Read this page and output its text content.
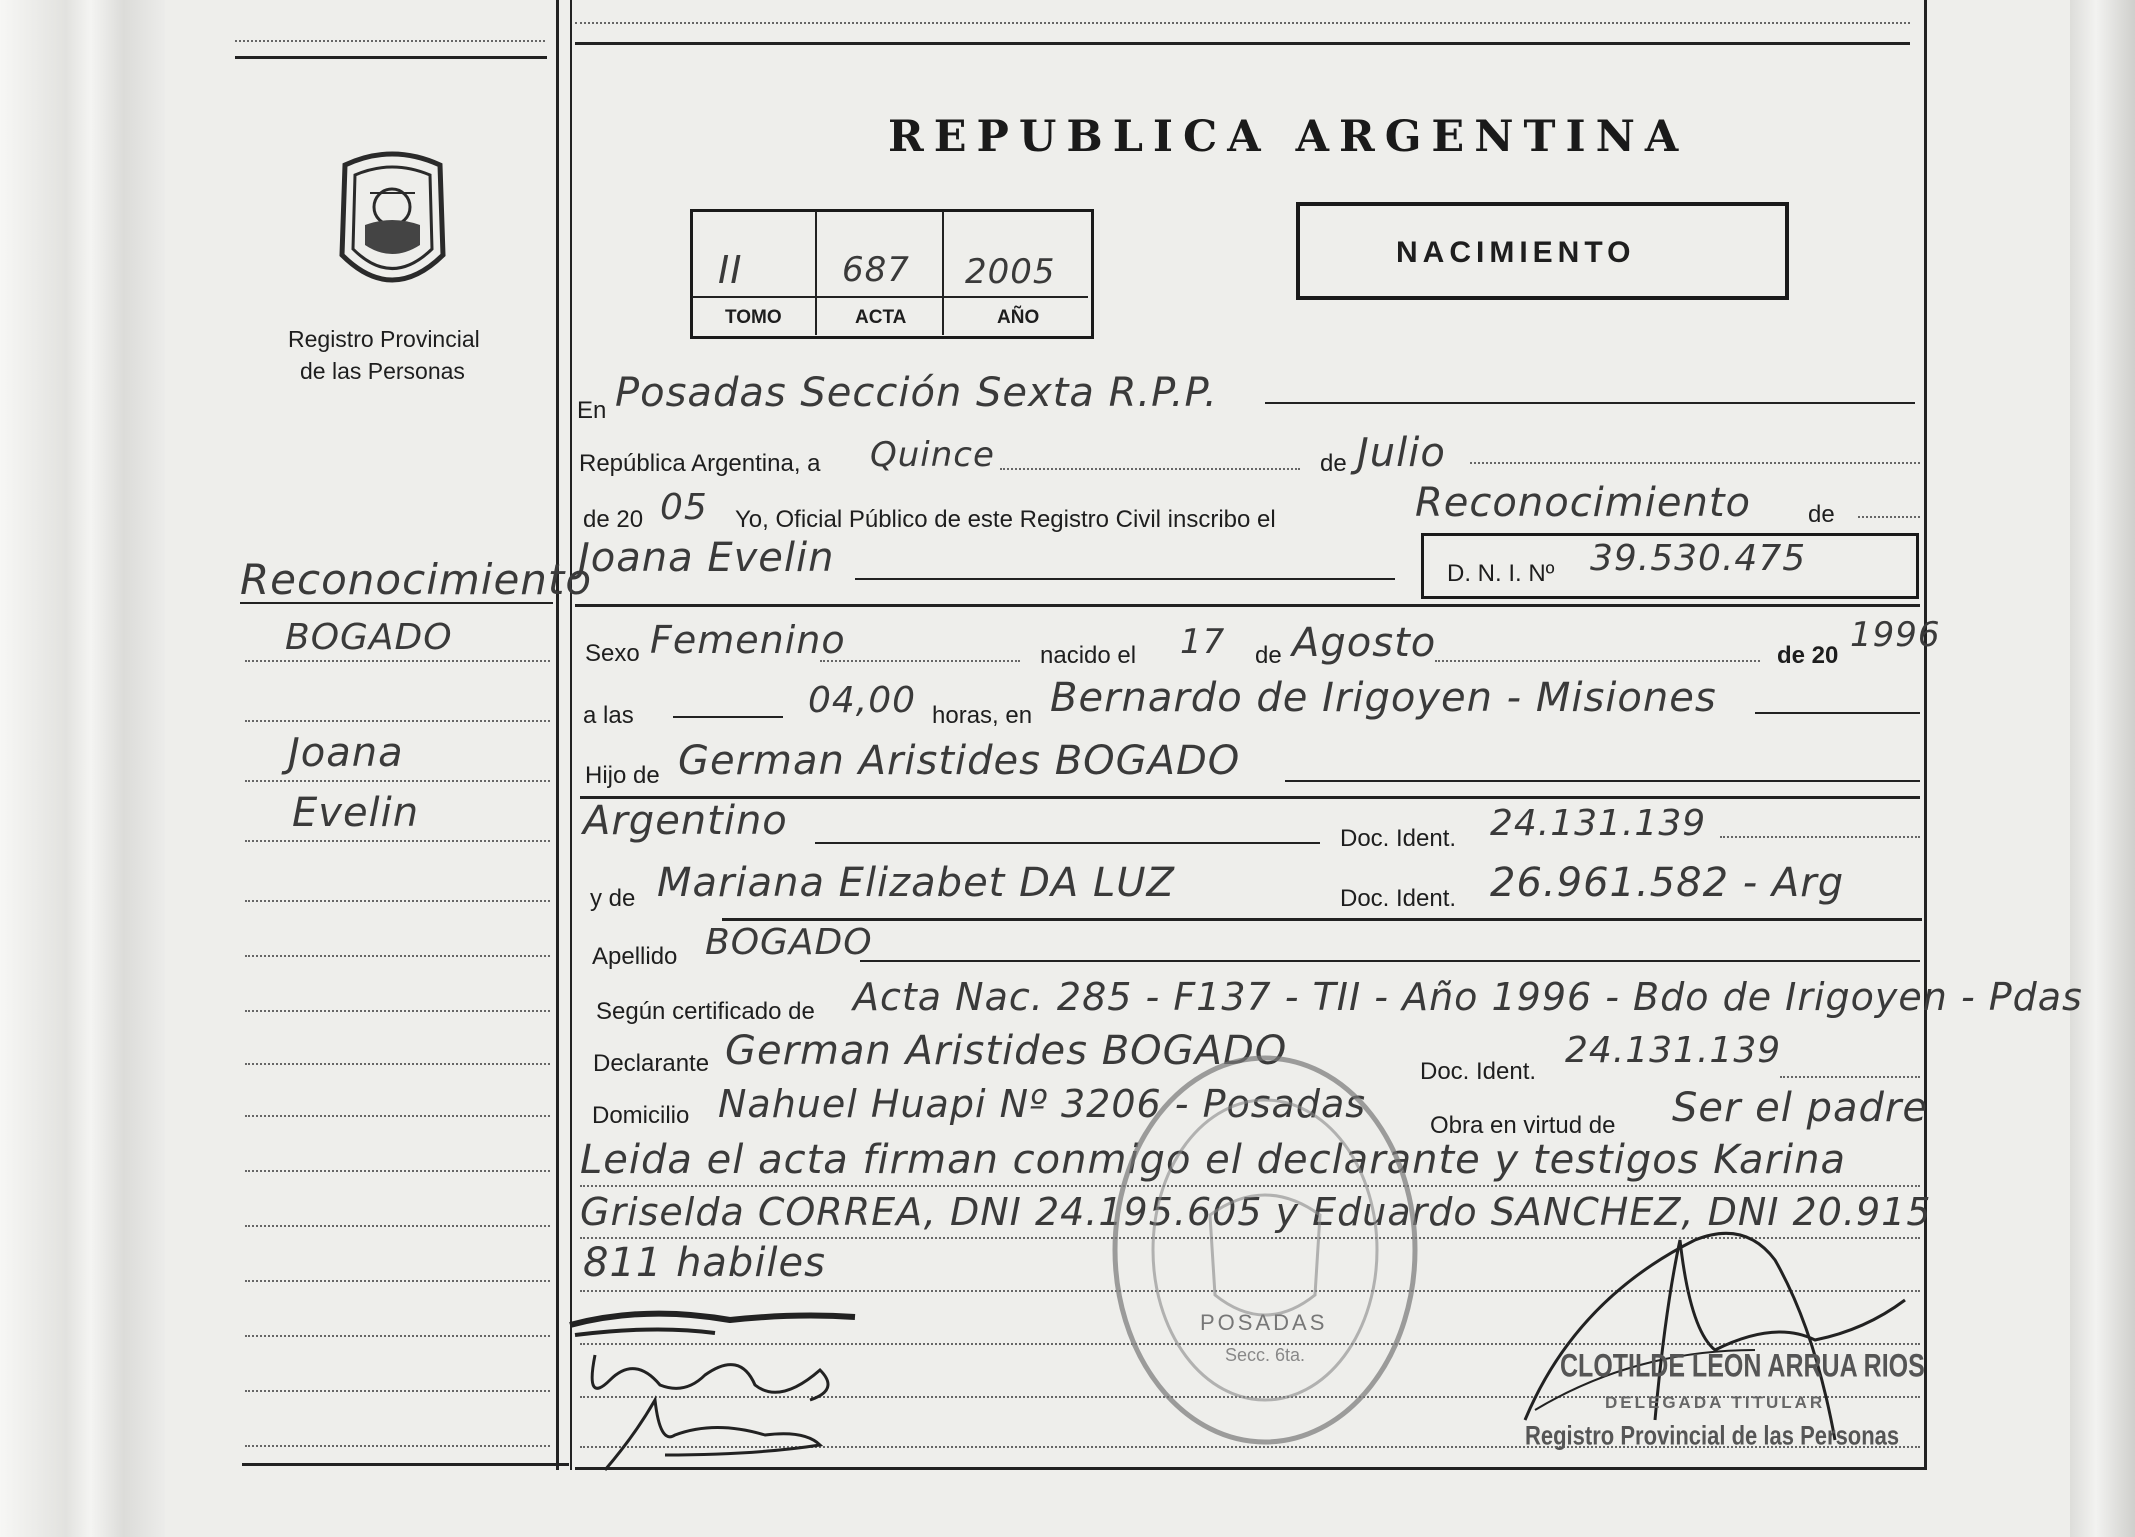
Registro Provincial
de las Personas
Reconocimiento
BOGADO
Joana
Evelin
REPUBLICA ARGENTINA
II	687 2005
TOMO	ACTA	AÑO
NACIMIENTO
En Posadas Sección Sexta R.P.P.
República Argentina, a Quince	de Julio
de 20 05 Yo, Oficial Público de este Registro Civil inscribo el	Reconocimiento de
Joana Evelin	D. N. I. Nº 39.530.475
Sexo Femenino	nacido el 17 de Agosto	de 20
1996
a las	04,00 horas, en Bernardo de Irigoyen - Misiones
Hijo de German Aristides BOGADO
Argentino	Doc. Ident. 24.131.139
y de Mariana Elizabet DA LUZ	Doc. Ident. 26.961.582 - Arg
Apellido BOGADO
Según certificado de Acta Nac. 285 - F137 - TII - Año 1996 - Bdo de Irigoyen - Pdas
Declarante German Aristides BOGADO	Doc. Ident.
24.131.139
Domicilio Nahuel Huapi Nº 3206 - Posadas	Obra en virtud de Ser el padre
Leida el acta firman conmigo el declarante y testigos Karina
Griselda CORREA, DNI 24.195.605 y Eduardo SANCHEZ, DNI 20.915
811 habiles
POSADAS
Secc. 6ta.	CLOTILDE LEON ARRUA RIOS
DELEGADA TITULAR
Registro Provincial de las Personas
